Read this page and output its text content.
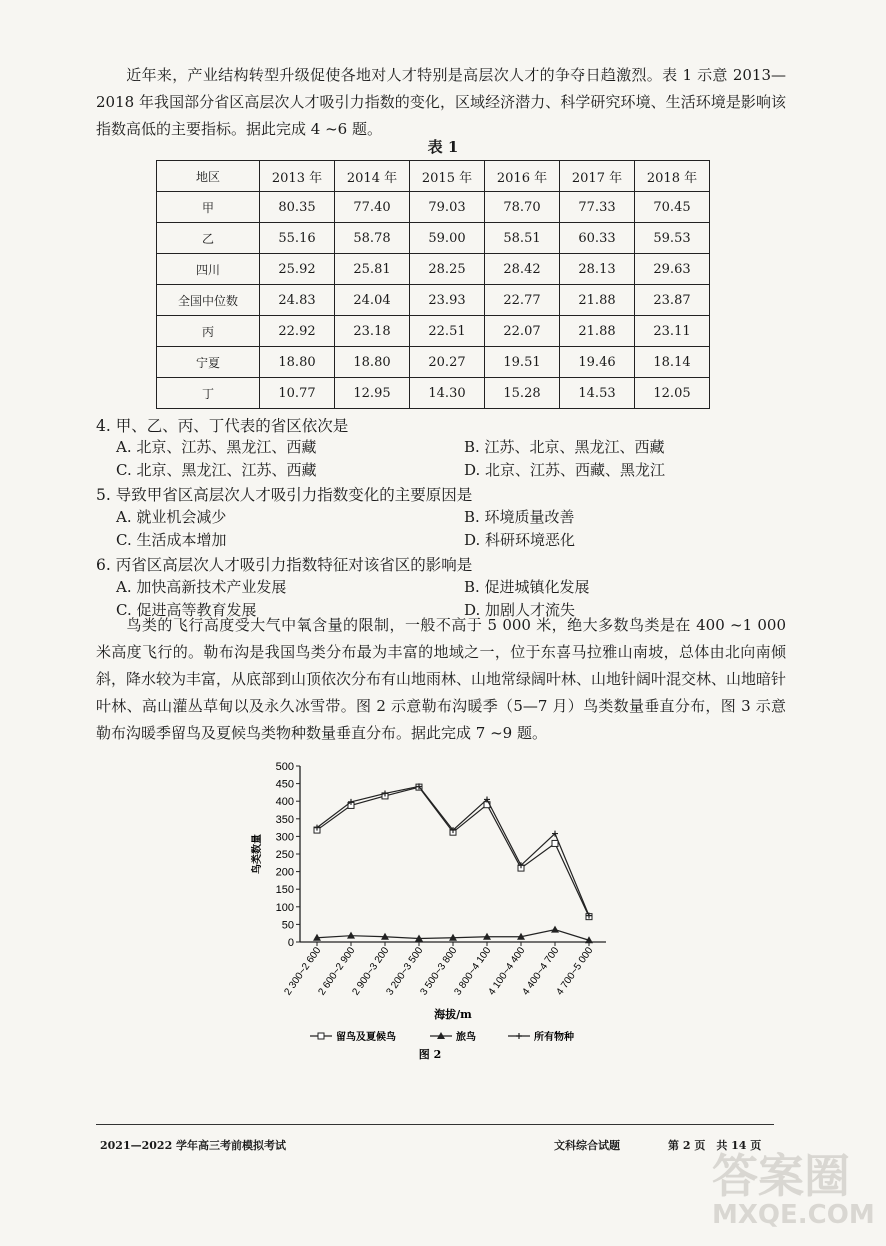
近年来，产业结构转型升级促使各地对人才特别是高层次人才的争夺日趋激烈。表 1 示意 2013—2018 年我国部分省区高层次人才吸引力指数的变化，区域经济潜力、科学研究环境、生活环境是影响该指数高低的主要指标。据此完成 4 ~6 题。
表 1
地区	2013 年	2014 年	2015 年	2016 年	2017 年	2018 年
甲	80.35	77.40	79.03	78.70	77.33	70.45
乙	55.16	58.78	59.00	58.51	60.33	59.53
四川	25.92	25.81	28.25	28.42	28.13	29.63
全国中位数	24.83	24.04	23.93	22.77	21.88	23.87
丙	22.92	23.18	22.51	22.07	21.88	23.11
宁夏	18.80	18.80	20.27	19.51	19.46	18.14
丁	10.77	12.95	14.30	15.28	14.53	12.05
4. 甲、乙、丙、丁代表的省区依次是
A. 北京、江苏、黑龙江、西藏	B. 江苏、北京、黑龙江、西藏
C. 北京、黑龙江、江苏、西藏	D. 北京、江苏、西藏、黑龙江
5. 导致甲省区高层次人才吸引力指数变化的主要原因是
A. 就业机会减少	B. 环境质量改善
C. 生活成本增加	D. 科研环境恶化
6. 丙省区高层次人才吸引力指数特征对该省区的影响是
A. 加快高新技术产业发展	B. 促进城镇化发展
C. 促进高等教育发展	D. 加剧人才流失
鸟类的飞行高度受大气中氧含量的限制，一般不高于 5 000 米，绝大多数鸟类是在 400 ~1 000 米高度飞行的。勒布沟是我国鸟类分布最为丰富的地域之一，位于东喜马拉雅山南坡，总体由北向南倾斜，降水较为丰富，从底部到山顶依次分布有山地雨林、山地常绿阔叶林、山地针阔叶混交林、山地暗针叶林、高山灌丛草甸以及永久冰雪带。图 2 示意勒布沟暖季（5—7 月）鸟类数量垂直分布，图 3 示意勒布沟暖季留鸟及夏候鸟类物种数量垂直分布。据此完成 7 ~9 题。
0
50
100
150
200
250
300
350
400
450
500
鸟类数量
2 300~2 600
2 600~2 900
2 900~3 200
3 200~3 500
3 500~3 800
3 800~4 100
4 100~4 400
4 400~4 700
4 700~5 000
海拔/m
留鸟及夏候鸟	旅鸟	所有物种
图 2
2021—2022 学年高三考前模拟考试	文科综合试题	第 2 页　共 14 页
答案圈
MXQE.COM
